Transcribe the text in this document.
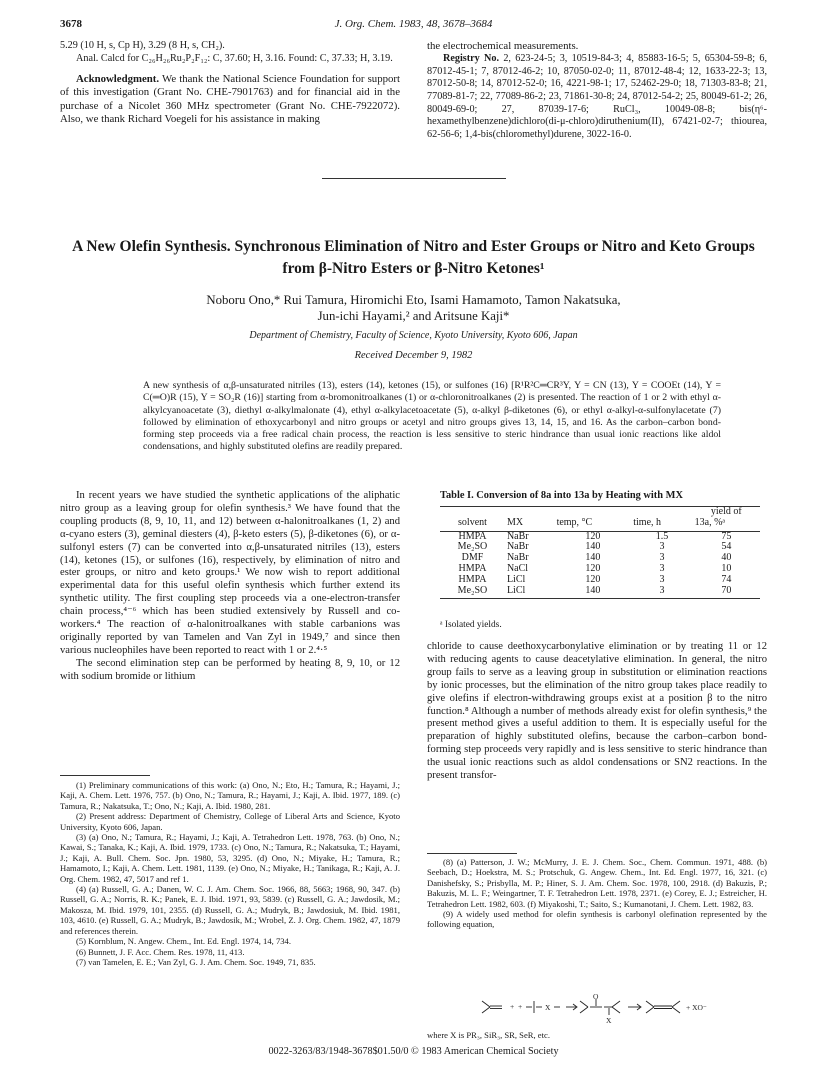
3678	J. Org. Chem. 1983, 48, 3678–3684

5.29 (10 H, s, Cp H), 3.29 (8 H, s, CH₂).

Anal. Calcd for C₂₆H₂₆Ru₂P₂F₁₂: C, 37.60; H, 3.16. Found: C, 37.33; H, 3.19.

Acknowledgment. We thank the National Science Foundation for support of this investigation (Grant No. CHE-7901763) and for financial aid in the purchase of a Nicolet 360 MHz spectrometer (Grant No. CHE-7922072). Also, we thank Richard Voegeli for his assistance in making

the electrochemical measurements.

Registry No. 2, 623-24-5; 3, 10519-84-3; 4, 85883-16-5; 5, 65304-59-8; 6, 87012-45-1; 7, 87012-46-2; 10, 87050-02-0; 11, 87012-48-4; 12, 1633-22-3; 13, 87012-50-8; 14, 87012-52-0; 16, 4221-98-1; 17, 52462-29-0; 18, 71303-83-8; 21, 77089-81-7; 22, 77089-86-2; 23, 71861-30-8; 24, 87012-54-2; 25, 80049-61-2; 26, 80049-69-0; 27, 87039-17-6; RuCl₃, 10049-08-8; bis(η⁶-hexamethylbenzene)dichloro(di-μ-chloro)diruthenium(II), 67421-02-7; thiourea, 62-56-6; 1,4-bis(chloromethyl)durene, 3022-16-0.

A New Olefin Synthesis. Synchronous Elimination of Nitro and Ester Groups or Nitro and Keto Groups from β-Nitro Esters or β-Nitro Ketones¹
Noboru Ono,* Rui Tamura, Hiromichi Eto, Isami Hamamoto, Tamon Nakatsuka,
Jun-ichi Hayami,² and Aritsune Kaji*
Department of Chemistry, Faculty of Science, Kyoto University, Kyoto 606, Japan
Received December 9, 1982
A new synthesis of α,β-unsaturated nitriles (13), esters (14), ketones (15), or sulfones (16) [R¹R²C═CR³Y, Y = CN (13), Y = COOEt (14), Y = C(═O)R (15), Y = SO₂R (16)] starting from α-bromonitroalkanes (1) or α-chloronitroalkanes (2) is presented. The reaction of 1 or 2 with ethyl α-alkylcyanoacetate (3), diethyl α-alkylmalonate (4), ethyl α-alkylacetoacetate (5), α-alkyl β-diketones (6), or ethyl α-alkyl-α-sulfonylacetate (7) followed by elimination of ethoxycarbonyl and nitro groups or acetyl and nitro groups gives 13, 14, 15, and 16. As the carbon–carbon bond-forming step proceeds via a free radical chain process, the reaction is less sensitive to steric hindrance than usual ionic reactions like aldol condensations, and highly substituted olefins are readily prepared.

In recent years we have studied the synthetic applications of the aliphatic nitro group as a leaving group for olefin synthesis.³ We have found that the coupling products (8, 9, 10, 11, and 12) between α-halonitroalkanes (1, 2) and α-cyano esters (3), geminal diesters (4), β-keto esters (5), β-diketones (6), or α-sulfonyl esters (7) can be converted into α,β-unsaturated nitriles (13), esters (14), ketones (15), or sulfones (16), respectively, by elimination of nitro and ester groups, or nitro and keto groups.¹ We now wish to report additional experimental data for this useful olefin synthesis which further extend its synthetic utility. The first coupling step proceeds via a one-electron-transfer chain process,⁴⁻⁶ which has been studied extensively by Russell and co-workers.⁴ The reaction of α-halonitroalkanes with stable carbanions was originally reported by van Tamelen and Van Zyl in 1949,⁷ and since then various nucleophiles have been reported to react with 1 or 2.⁴·⁵

The second elimination step can be performed by heating 8, 9, 10, or 12 with sodium bromide or lithium

(1) Preliminary communications of this work: (a) Ono, N.; Eto, H.; Tamura, R.; Hayami, J.; Kaji, A. Chem. Lett. 1976, 757. (b) Ono, N.; Tamura, R.; Hayami, J.; Kaji, A. Ibid. 1977, 189. (c) Tamura, R.; Nakatsuka, T.; Ono, N.; Kaji, A. Ibid. 1980, 281.

(2) Present address: Department of Chemistry, College of Liberal Arts and Science, Kyoto University, Kyoto 606, Japan.

(3) (a) Ono, N.; Tamura, R.; Hayami, J.; Kaji, A. Tetrahedron Lett. 1978, 763. (b) Ono, N.; Kawai, S.; Tanaka, K.; Kaji, A. Ibid. 1979, 1733. (c) Ono, N.; Tamura, R.; Nakatsuka, T.; Hayami, J.; Kaji, A. Bull. Chem. Soc. Jpn. 1980, 53, 3295. (d) Ono, N.; Miyake, H.; Tamura, R.; Hamamoto, I.; Kaji, A. Chem. Lett. 1981, 1139. (e) Ono, N.; Miyake, H.; Tanikaga, R.; Kaji, A. J. Org. Chem. 1982, 47, 5017 and ref 1.

(4) (a) Russell, G. A.; Danen, W. C. J. Am. Chem. Soc. 1966, 88, 5663; 1968, 90, 347. (b) Russell, G. A.; Norris, R. K.; Panek, E. J. Ibid. 1971, 93, 5839. (c) Russell, G. A.; Jawdosik, M.; Makosza, M. Ibid. 1979, 101, 2355. (d) Russell, G. A.; Mudryk, B.; Jawdosiuk, M. Ibid. 1981, 103, 4610. (e) Russell, G. A.; Mudryk, B.; Jawdosik, M.; Wrobel, Z. J. Org. Chem. 1982, 47, 1879 and references therein.

(5) Kornblum, N. Angew. Chem., Int. Ed. Engl. 1974, 14, 734.

(6) Bunnett, J. F. Acc. Chem. Res. 1978, 11, 413.

(7) van Tamelen, E. E.; Van Zyl, G. J. Am. Chem. Soc. 1949, 71, 835.

Table I. Conversion of 8a into 13a by Heating with MX
				yield of
solvent	MX	temp, °C	time, h	13a, %ᵃ
HMPA	NaBr	120	1.5	75
Me₂SO	NaBr	140	3	54
DMF	NaBr	140	3	40
HMPA	NaCl	120	3	10
HMPA	LiCl	120	3	74
Me₂SO	LiCl	140	3	70
ᵃ Isolated yields.

chloride to cause deethoxycarbonylative elimination or by treating 11 or 12 with reducing agents to cause deacetylative elimination. In general, the nitro group fails to serve as a leaving group in substitution or elimination reactions by ionic processes, but the elimination of the nitro group takes place readily to give olefins if electron-withdrawing groups exist at a position β to the nitro function.⁸ Although a number of methods already exist for olefin synthesis,⁹ the present method gives a useful addition to them. It is especially useful for the preparation of highly substituted olefins, because the carbon–carbon bond-forming step proceeds very rapidly and is less sensitive to steric hindrance than the usual ionic reactions such as aldol condensations or SN2 reactions. In the present transfor-

(8) (a) Patterson, J. W.; McMurry, J. E. J. Chem. Soc., Chem. Commun. 1971, 488. (b) Seebach, D.; Hoekstra, M. S.; Protschuk, G. Angew. Chem., Int. Ed. Engl. 1977, 16, 321. (c) Danishefsky, S.; Prisbylla, M. P.; Hiner, S. J. Am. Chem. Soc. 1978, 100, 2918. (d) Bakuzis, P.; Bakuzis, M. L. F.; Weingartner, T. F. Tetrahedron Lett. 1978, 2371. (e) Corey, E. J.; Estreicher, H. Tetrahedron Lett. 1982, 603. (f) Miyakoshi, T.; Saito, S.; Kumanotani, J. Chem. Lett. 1982, 83.

(9) A widely used method for olefin synthesis is carbonyl olefination represented by the following equation,

+	X
+
O
X
+ XO⁻
where X is PR₃, SiR₃, SR, SeR, etc.
0022-3263/83/1948-3678$01.50/0 © 1983 American Chemical Society
